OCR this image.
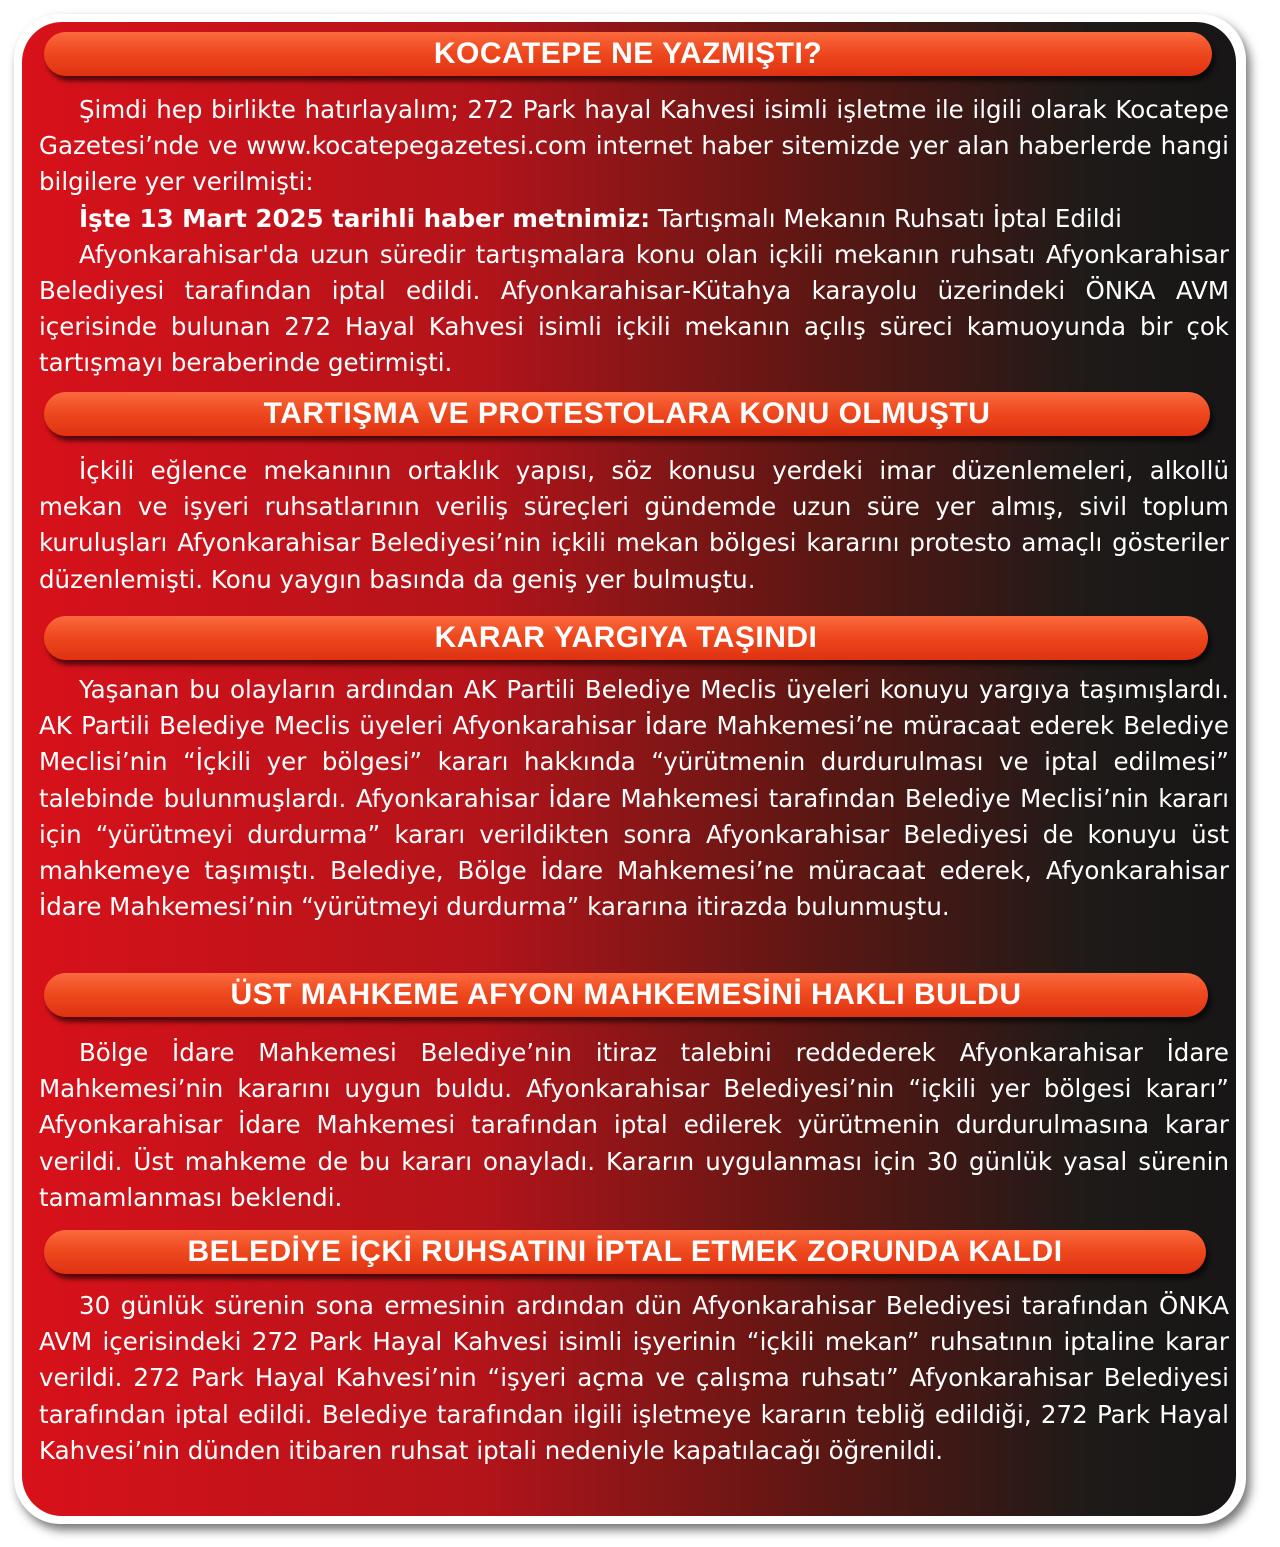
KOCATEPE NE YAZMIŞTI?

Şimdi hep birlikte hatırlayalım; 272 Park hayal Kahvesi isimli işletme ile ilgili olarak Kocatepe Gazetesi’nde ve www.kocatepegazetesi.com internet haber sitemizde yer alan haberlerde hangi bilgilere yer verilmişti:

İşte 13 Mart 2025 tarihli haber metnimiz: Tartışmalı Mekanın Ruhsatı İptal Edildi

Afyonkarahisar'da uzun süredir tartışmalara konu olan içkili mekanın ruhsatı Afyonkarahisar Belediyesi tarafından iptal edildi. Afyonkarahisar-Kütahya karayolu üzerindeki ÖNKA AVM içerisinde bulunan 272 Hayal Kahvesi isimli içkili mekanın açılış süreci kamuoyunda bir çok tartışmayı beraberinde getirmişti.

TARTIŞMA VE PROTESTOLARA KONU OLMUŞTU

İçkili eğlence mekanının ortaklık yapısı, söz konusu yerdeki imar düzenlemeleri, alkollü mekan ve işyeri ruhsatlarının veriliş süreçleri gündemde uzun süre yer almış, sivil toplum kuruluşları Afyonkarahisar Belediyesi’nin içkili mekan bölgesi kararını protesto amaçlı gösteriler düzenlemişti. Konu yaygın basında da geniş yer bulmuştu.

KARAR YARGIYA TAŞINDI

Yaşanan bu olayların ardından AK Partili Belediye Meclis üyeleri konuyu yargıya taşımışlardı. AK Partili Belediye Meclis üyeleri Afyonkarahisar İdare Mahkemesi’ne müracaat ederek Belediye Meclisi’nin “İçkili yer bölgesi” kararı hakkında “yürütmenin durdurulması ve iptal edilmesi” talebinde bulunmuşlardı. Afyonkarahisar İdare Mahkemesi tarafından Belediye Meclisi’nin kararı için “yürütmeyi durdurma” kararı verildikten sonra Afyonkarahisar Belediyesi de konuyu üst mahkemeye taşımıştı. Belediye, Bölge İdare Mahkemesi’ne müracaat ederek, Afyonkarahisar İdare Mahkemesi’nin “yürütmeyi durdurma” kararına itirazda bulunmuştu.

ÜST MAHKEME AFYON MAHKEMESİNİ HAKLI BULDU

Bölge İdare Mahkemesi Belediye’nin itiraz talebini reddederek Afyonkarahisar İdare Mahkemesi’nin kararını uygun buldu. Afyonkarahisar Belediyesi’nin “içkili yer bölgesi kararı” Afyonkarahisar İdare Mahkemesi tarafından iptal edilerek yürütmenin durdurulmasına karar verildi. Üst mahkeme de bu kararı onayladı. Kararın uygulanması için 30 günlük yasal sürenin tamamlanması beklendi.

BELEDİYE İÇKİ RUHSATINI İPTAL ETMEK ZORUNDA KALDI

30 günlük sürenin sona ermesinin ardından dün Afyonkarahisar Belediyesi tarafından ÖNKA AVM içerisindeki 272 Park Hayal Kahvesi isimli işyerinin “içkili mekan” ruhsatının iptaline karar verildi. 272 Park Hayal Kahvesi’nin “işyeri açma ve çalışma ruhsatı” Afyonkarahisar Belediyesi tarafından iptal edildi. Belediye tarafından ilgili işletmeye kararın tebliğ edildiği, 272 Park Hayal Kahvesi’nin dünden itibaren ruhsat iptali nedeniyle kapatılacağı öğrenildi.
